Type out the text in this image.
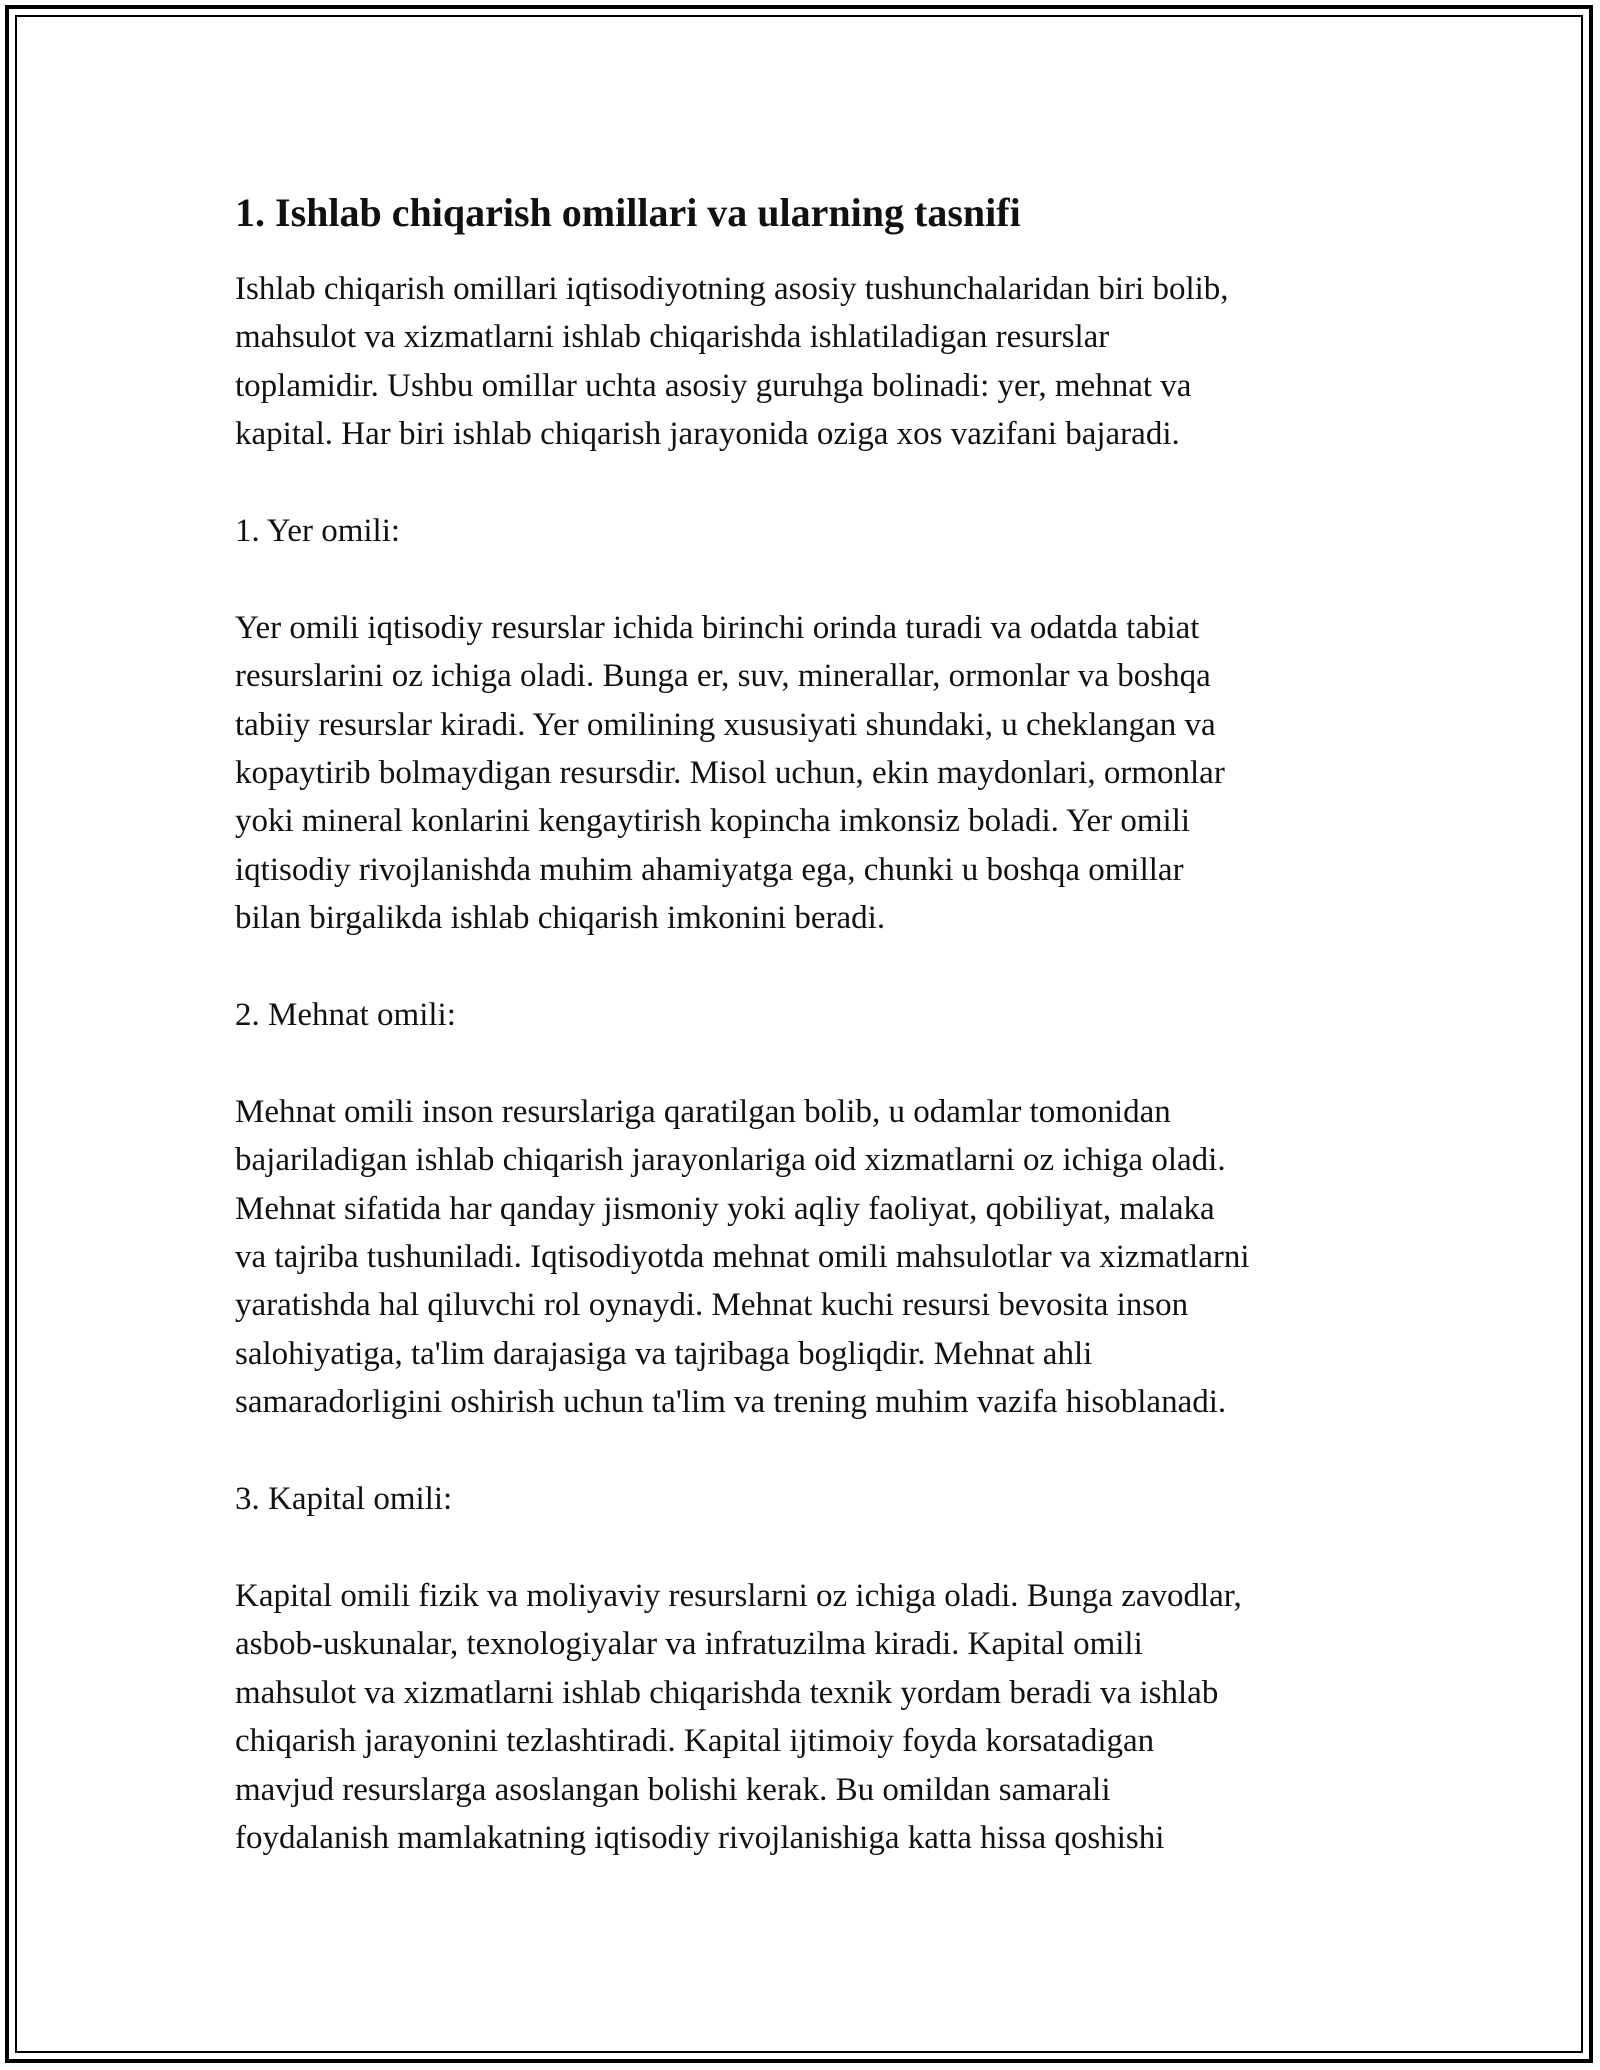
1. Ishlab chiqarish omillari va ularning tasnifi

Ishlab chiqarish omillari iqtisodiyotning asosiy tushunchalaridan biri bolib,
mahsulot va xizmatlarni ishlab chiqarishda ishlatiladigan resurslar
toplamidir. Ushbu omillar uchta asosiy guruhga bolinadi: yer, mehnat va
kapital. Har biri ishlab chiqarish jarayonida oziga xos vazifani bajaradi.

1. Yer omili:

Yer omili iqtisodiy resurslar ichida birinchi orinda turadi va odatda tabiat
resurslarini oz ichiga oladi. Bunga er, suv, minerallar, ormonlar va boshqa
tabiiy resurslar kiradi. Yer omilining xususiyati shundaki, u cheklangan va
kopaytirib bolmaydigan resursdir. Misol uchun, ekin maydonlari, ormonlar
yoki mineral konlarini kengaytirish kopincha imkonsiz boladi. Yer omili
iqtisodiy rivojlanishda muhim ahamiyatga ega, chunki u boshqa omillar
bilan birgalikda ishlab chiqarish imkonini beradi.

2. Mehnat omili:

Mehnat omili inson resurslariga qaratilgan bolib, u odamlar tomonidan
bajariladigan ishlab chiqarish jarayonlariga oid xizmatlarni oz ichiga oladi.
Mehnat sifatida har qanday jismoniy yoki aqliy faoliyat, qobiliyat, malaka
va tajriba tushuniladi. Iqtisodiyotda mehnat omili mahsulotlar va xizmatlarni
yaratishda hal qiluvchi rol oynaydi. Mehnat kuchi resursi bevosita inson
salohiyatiga, ta'lim darajasiga va tajribaga bogliqdir. Mehnat ahli
samaradorligini oshirish uchun ta'lim va trening muhim vazifa hisoblanadi.

3. Kapital omili:

Kapital omili fizik va moliyaviy resurslarni oz ichiga oladi. Bunga zavodlar,
asbob-uskunalar, texnologiyalar va infratuzilma kiradi. Kapital omili
mahsulot va xizmatlarni ishlab chiqarishda texnik yordam beradi va ishlab
chiqarish jarayonini tezlashtiradi. Kapital ijtimoiy foyda korsatadigan
mavjud resurslarga asoslangan bolishi kerak. Bu omildan samarali
foydalanish mamlakatning iqtisodiy rivojlanishiga katta hissa qoshishi
